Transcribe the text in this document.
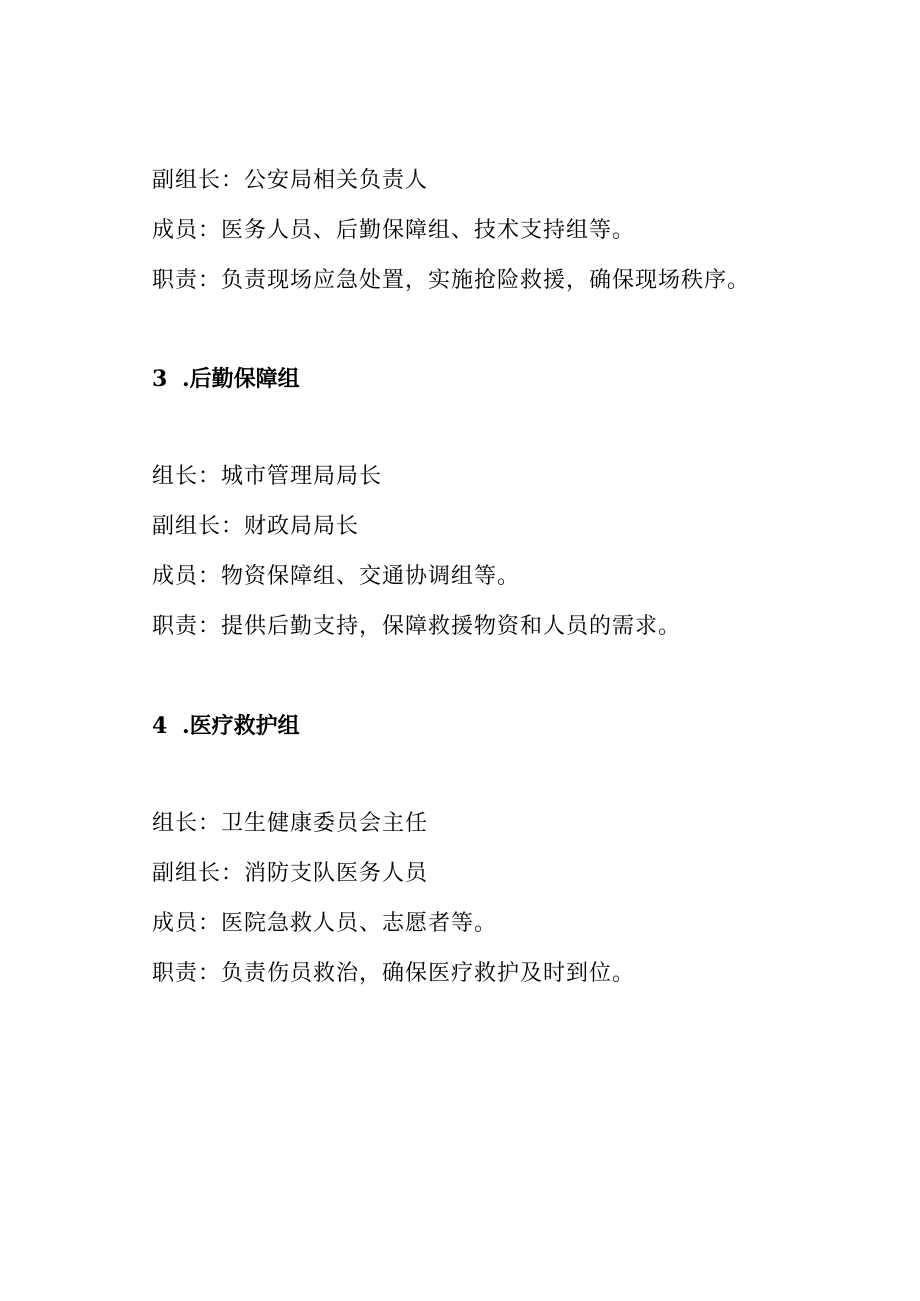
副组长：公安局相关负责人
成员：医务人员、后勤保障组、技术支持组等。
职责：负责现场应急处置，实施抢险救援，确保现场秩序。
3 .后勤保障组
组长：城市管理局局长
副组长：财政局局长
成员：物资保障组、交通协调组等。
职责：提供后勤支持，保障救援物资和人员的需求。
4 .医疗救护组
组长：卫生健康委员会主任
副组长：消防支队医务人员
成员：医院急救人员、志愿者等。
职责：负责伤员救治，确保医疗救护及时到位。
